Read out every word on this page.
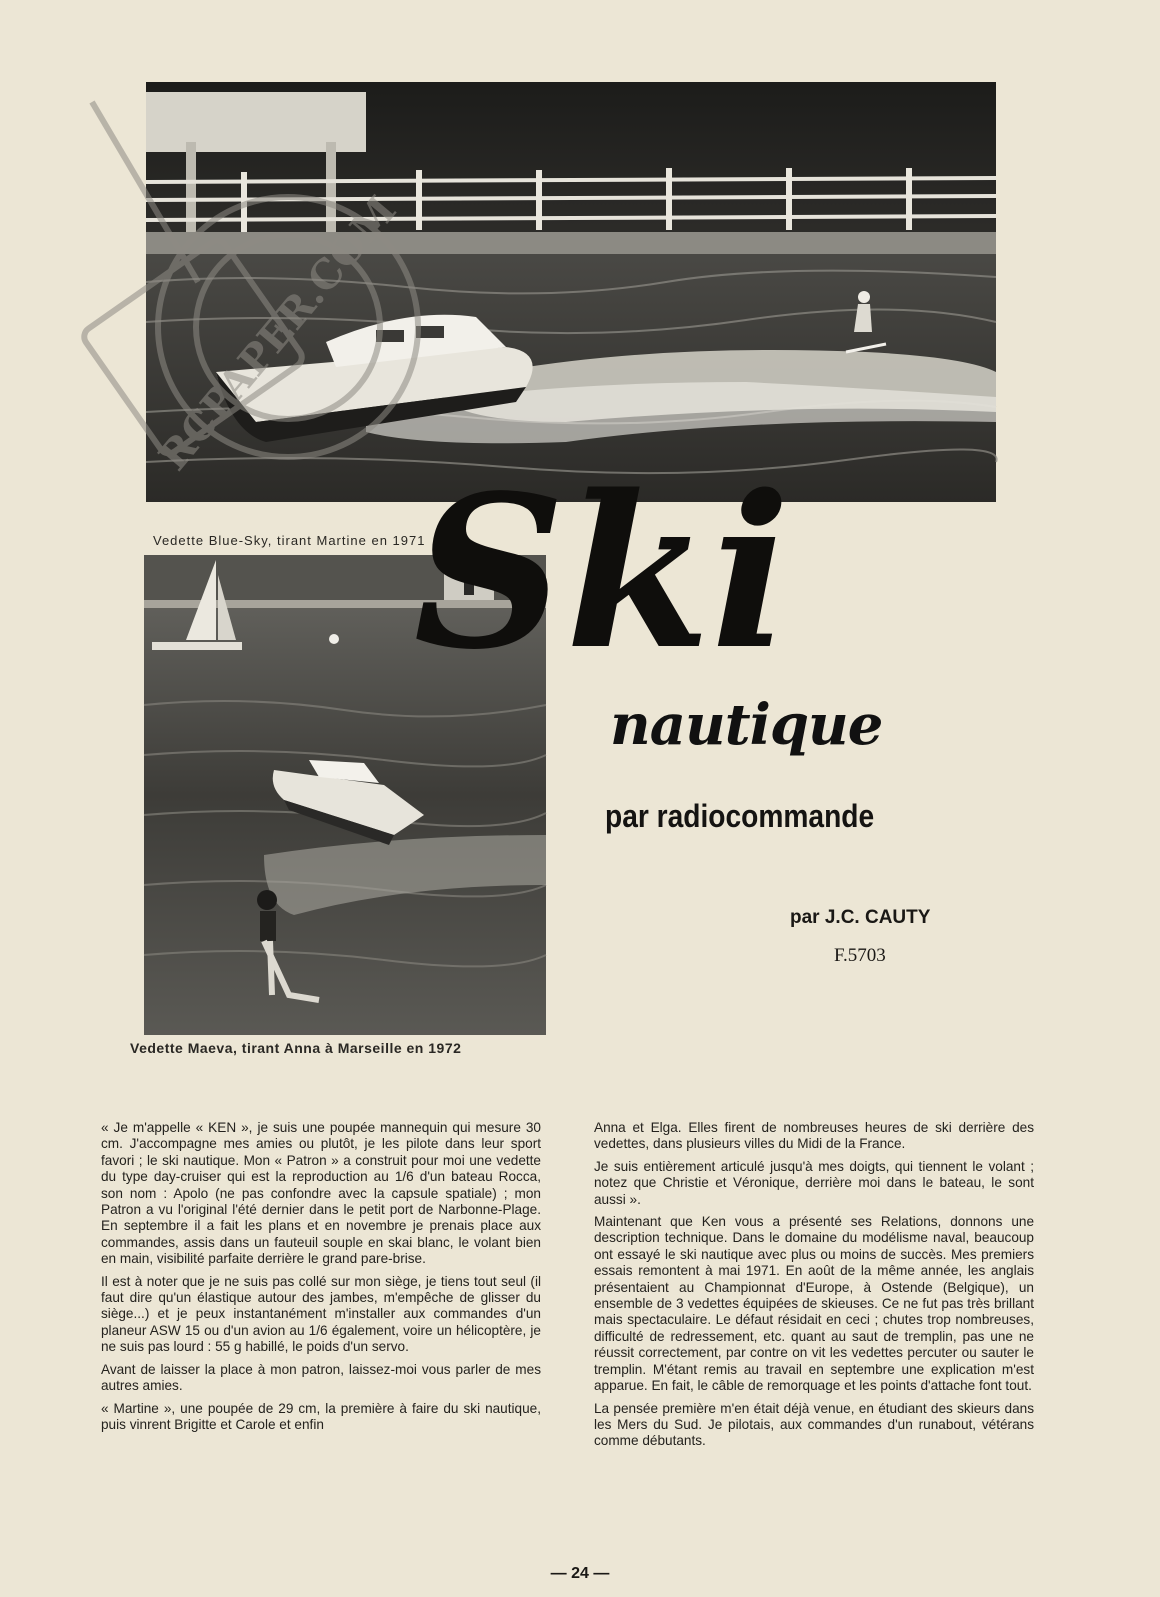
RCPAPER.COM
Vedette Blue-Sky, tirant Martine en 1971
Vedette Maeva, tirant Anna à Marseille en 1972
Ski
nautique
par radiocommande
par J.C. CAUTY
F.5703

« Je m'appelle « KEN », je suis une poupée mannequin qui mesure 30 cm. J'accompagne mes amies ou plutôt, je les pilote dans leur sport favori ; le ski nautique. Mon « Patron » a construit pour moi une vedette du type day-cruiser qui est la reproduction au 1/6 d'un bateau Rocca, son nom : Apolo (ne pas confondre avec la capsule spatiale) ; mon Patron a vu l'original l'été dernier dans le petit port de Narbonne-Plage. En septembre il a fait les plans et en novembre je prenais place aux commandes, assis dans un fauteuil souple en skai blanc, le volant bien en main, visibilité parfaite derrière le grand pare-brise.

Il est à noter que je ne suis pas collé sur mon siège, je tiens tout seul (il faut dire qu'un élastique autour des jambes, m'empêche de glisser du siège...) et je peux instantanément m'installer aux commandes d'un planeur ASW 15 ou d'un avion au 1/6 également, voire un hélicoptère, je ne suis pas lourd : 55 g habillé, le poids d'un servo.

Avant de laisser la place à mon patron, laissez-moi vous parler de mes autres amies.

« Martine », une poupée de 29 cm, la première à faire du ski nautique, puis vinrent Brigitte et Carole et enfin

Anna et Elga. Elles firent de nombreuses heures de ski derrière des vedettes, dans plusieurs villes du Midi de la France.

Je suis entièrement articulé jusqu'à mes doigts, qui tiennent le volant ; notez que Christie et Véronique, derrière moi dans le bateau, le sont aussi ».

Maintenant que Ken vous a présenté ses Relations, donnons une description technique. Dans le domaine du modélisme naval, beaucoup ont essayé le ski nautique avec plus ou moins de succès. Mes premiers essais remontent à mai 1971. En août de la même année, les anglais présentaient au Championnat d'Europe, à Ostende (Belgique), un ensemble de 3 vedettes équipées de skieuses. Ce ne fut pas très brillant mais spectaculaire. Le défaut résidait en ceci ; chutes trop nombreuses, difficulté de redressement, etc. quant au saut de tremplin, pas une ne réussit correctement, par contre on vit les vedettes percuter ou sauter le tremplin. M'étant remis au travail en septembre une explication m'est apparue. En fait, le câble de remorquage et les points d'attache font tout.

La pensée première m'en était déjà venue, en étudiant des skieurs dans les Mers du Sud. Je pilotais, aux commandes d'un runabout, vétérans comme débutants.

— 24 —
